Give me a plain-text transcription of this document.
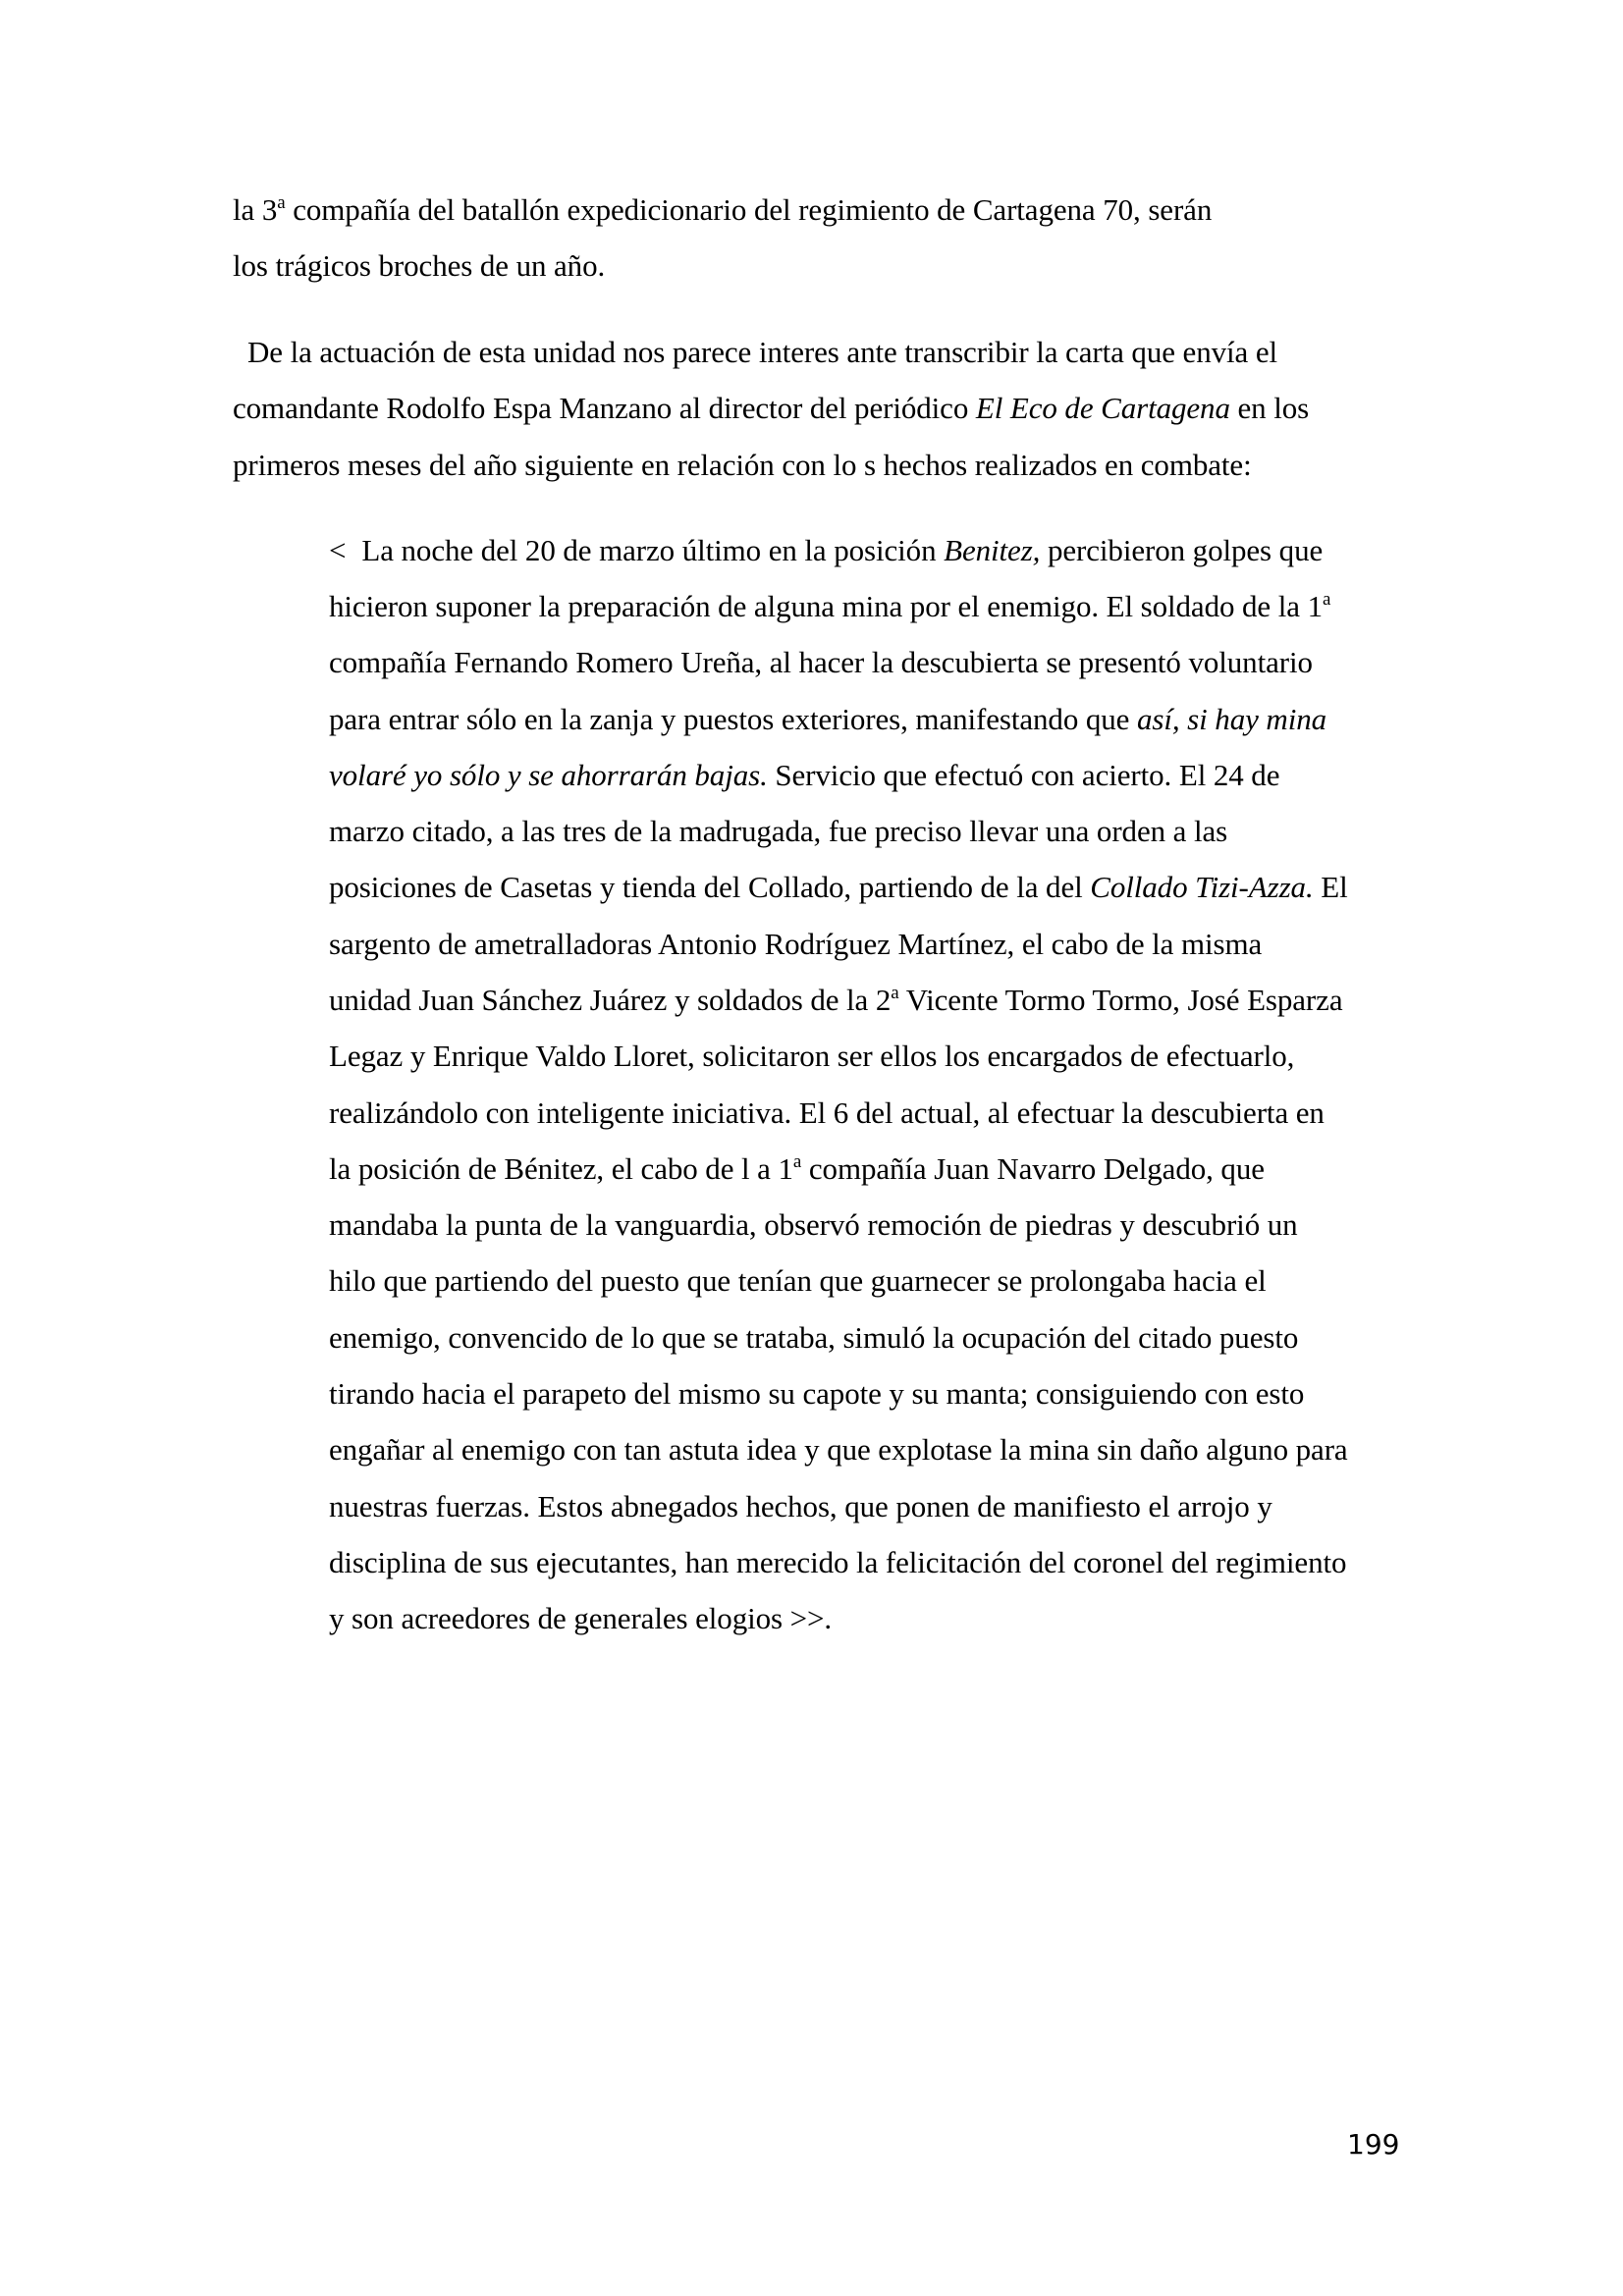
la 3$^a$ compañía del batallón expedicionario del regimiento de Cartagena 70, serán
los trágicos broches de un año.
De la actuación de esta unidad nos parece interes ante transcribir la carta que envía el
comandante Rodolfo Espa Manzano al director del periódico El Eco de Cartagena en los
primeros meses del año siguiente en relación con lo s hechos realizados en combate:
< La noche del 20 de marzo último en la posición Benitez, percibieron golpes que
hicieron suponer la preparación de alguna mina por el enemigo. El soldado de la 1$^a$
compañía Fernando Romero Ureña, al hacer la descubierta se presentó voluntario
para entrar sólo en la zanja y puestos exteriores, manifestando que así, si hay mina
volaré yo sólo y se ahorrarán bajas. Servicio que efectuó con acierto. El 24 de
marzo citado, a las tres de la madrugada, fue preciso llevar una orden a las
posiciones de Casetas y tienda del Collado, partiendo de la del Collado Tizi-Azza. El
sargento de ametralladoras Antonio Rodríguez Martínez, el cabo de la misma
unidad Juan Sánchez Juárez y soldados de la 2$^a$ Vicente Tormo Tormo, José Esparza
Legaz y Enrique Valdo Lloret, solicitaron ser ellos los encargados de efectuarlo,
realizándolo con inteligente iniciativa. El 6 del actual, al efectuar la descubierta en
la posición de Bénitez, el cabo de l a 1$^a$ compañía Juan Navarro Delgado, que
mandaba la punta de la vanguardia, observó remoción de piedras y descubrió un
hilo que partiendo del puesto que tenían que guarnecer se prolongaba hacia el
enemigo, convencido de lo que se trataba, simuló la ocupación del citado puesto
tirando hacia el parapeto del mismo su capote y su manta; consiguiendo con esto
engañar al enemigo con tan astuta idea y que explotase la mina sin daño alguno para
nuestras fuerzas. Estos abnegados hechos, que ponen de manifiesto el arrojo y
disciplina de sus ejecutantes, han merecido la felicitación del coronel del regimiento
y son acreedores de generales elogios >>.
199
